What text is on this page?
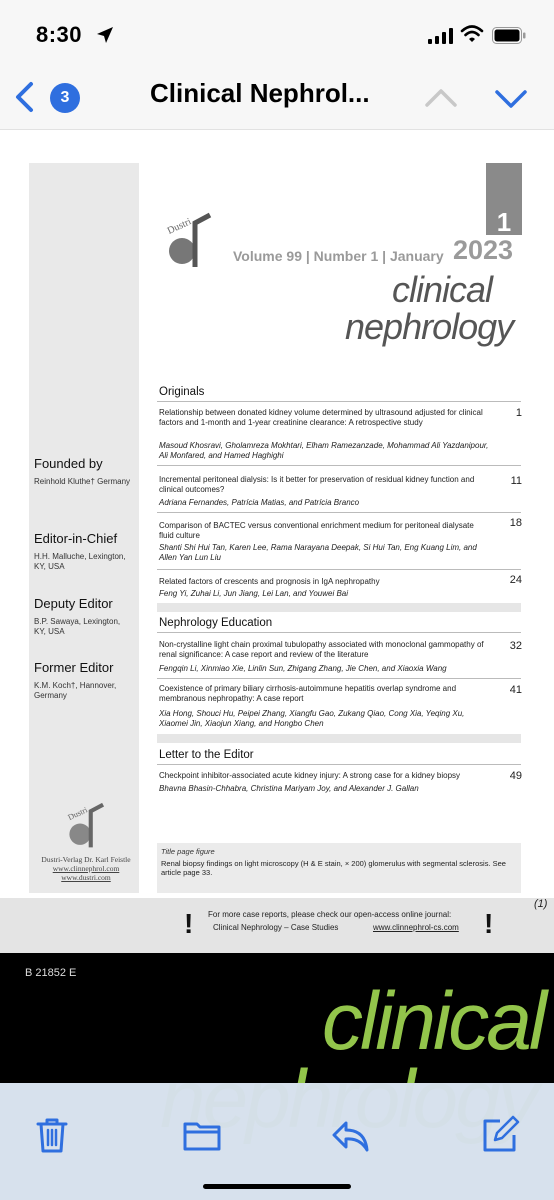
8:30
3	Clinical Nephrol...
1
Dustri
Volume 99 | Number 1 | January 2023
clinical
nephrology
Founded by
Reinhold Kluthe† Germany
Editor-in-Chief
H.H. Malluche, Lexington, KY, USA
Deputy Editor
B.P. Sawaya, Lexington, KY, USA
Former Editor
K.M. Koch†, Hannover, Germany
Dustri
Dustri-Verlag Dr. Karl Feistle
www.clinnephrol.com
www.dustri.com
Originals
Relationship between donated kidney volume determined by ultrasound adjusted for clinical factors and 1-month and 1-year creatinine clearance: A retrospective study
Masoud Khosravi, Gholamreza Mokhtari, Elham Ramezanzade, Mohammad Ali Yazdanipour, Ali Monfared, and Hamed Haghighi
1
Incremental peritoneal dialysis: Is it better for preservation of residual kidney function and clinical outcomes?
Adriana Fernandes, Patrícia Matias, and Patrícia Branco
11
Comparison of BACTEC versus conventional enrichment medium for peritoneal dialysate fluid culture
Shanti Shi Hui Tan, Karen Lee, Rama Narayana Deepak, Si Hui Tan, Eng Kuang Lim, and Allen Yan Lun Liu
18
Related factors of crescents and prognosis in IgA nephropathy
Feng Yi, Zuhai Li, Jun Jiang, Lei Lan, and Youwei Bai
24
Nephrology Education
Non-crystalline light chain proximal tubulopathy associated with monoclonal gammopathy of renal significance: A case report and review of the literature
Fengqin Li, Xinmiao Xie, Linlin Sun, Zhigang Zhang, Jie Chen, and Xiaoxia Wang
32
Coexistence of primary biliary cirrhosis-autoimmune hepatitis overlap syndrome and membranous nephropathy: A case report
Xia Hong, Shouci Hu, Peipei Zhang, Xiangfu Gao, Zukang Qiao, Cong Xia, Yeqing Xu, Xiaomei Jin, Xiaojun Xiang, and Hongbo Chen
41
Letter to the Editor
Checkpoint inhibitor-associated acute kidney injury: A strong case for a kidney biopsy
Bhavna Bhasin-Chhabra, Christina Mariyam Joy, and Alexander J. Gallan
49
Title page figure
Renal biopsy findings on light microscopy (H & E stain, × 200) glomerulus with segmental sclerosis. See article page 33.
! For more case reports, please check our open-access online journal:
Clinical Nephrology – Case Studies	www.clinnephrol-cs.com !
(1)
B 21852 E
clinical
